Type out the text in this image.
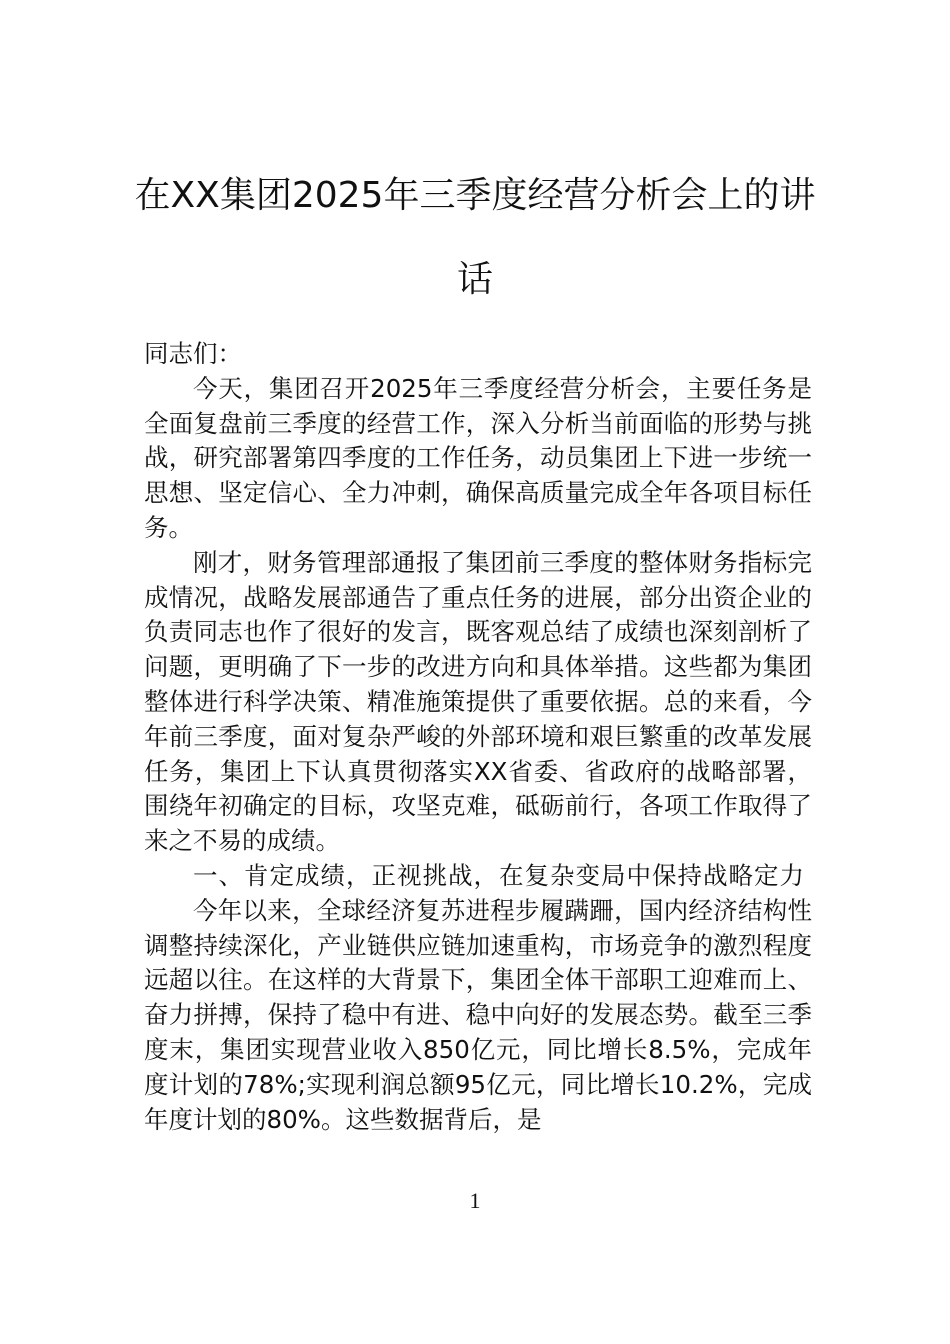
在XX集团2025年三季度经营分析会上的讲话

同志们：

今天，集团召开2025年三季度经营分析会，主要任务是全面复盘前三季度的经营工作，深入分析当前面临的形势与挑战，研究部署第四季度的工作任务，动员集团上下进一步统一思想、坚定信心、全力冲刺，确保高质量完成全年各项目标任务。

刚才，财务管理部通报了集团前三季度的整体财务指标完成情况，战略发展部通告了重点任务的进展，部分出资企业的负责同志也作了很好的发言，既客观总结了成绩也深刻剖析了问题，更明确了下一步的改进方向和具体举措。这些都为集团整体进行科学决策、精准施策提供了重要依据。总的来看，今年前三季度，面对复杂严峻的外部环境和艰巨繁重的改革发展任务，集团上下认真贯彻落实XX省委、省政府的战略部署，围绕年初确定的目标，攻坚克难，砥砺前行，各项工作取得了来之不易的成绩。

一、肯定成绩，正视挑战，在复杂变局中保持战略定力

今年以来，全球经济复苏进程步履蹒跚，国内经济结构性调整持续深化，产业链供应链加速重构，市场竞争的激烈程度远超以往。在这样的大背景下，集团全体干部职工迎难而上、奋力拼搏，保持了稳中有进、稳中向好的发展态势。截至三季度末，集团实现营业收入850亿元，同比增长8.5%，完成年度计划的78%;实现利润总额95亿元，同比增长10.2%，完成年度计划的80%。这些数据背后，是

1
